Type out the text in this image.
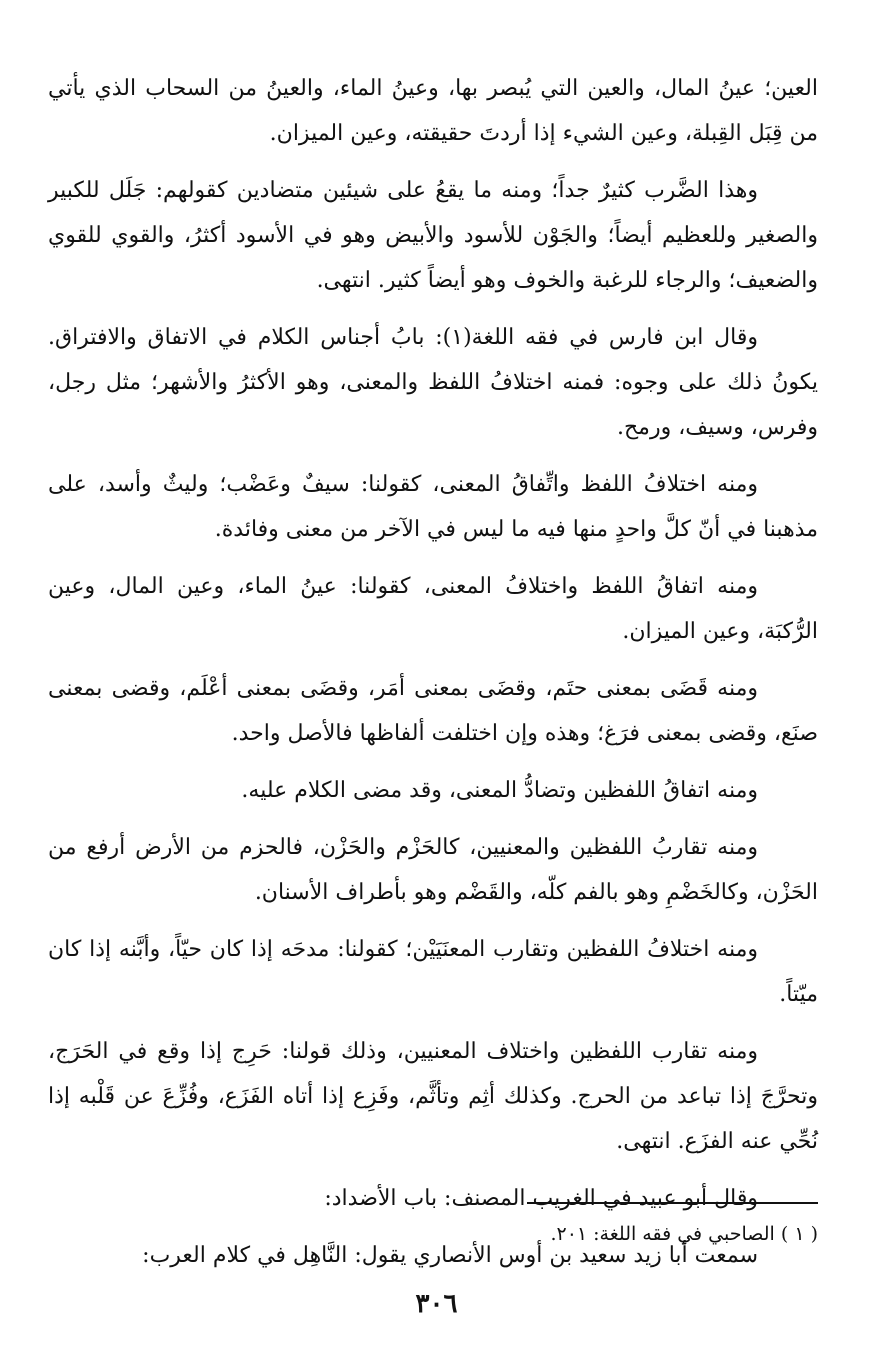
العين؛ عينُ المال، والعين التي يُبصر بها، وعينُ الماء، والعينُ من السحاب الذي يأتي من قِبَل القِبلة، وعين الشيء إذا أردتَ حقيقته، وعين الميزان.

وهذا الضَّرب كثيرٌ جداً؛ ومنه ما يقعُ على شيئين متضادين كقولهم: جَلَل للكبير والصغير وللعظيم أيضاً؛ والجَوْن للأسود والأبيض وهو في الأسود أكثرُ، والقوي للقوي والضعيف؛ والرجاء للرغبة والخوف وهو أيضاً كثير. انتهى.

وقال ابن فارس في فقه اللغة(١): بابُ أجناس الكلام في الاتفاق والافتراق. يكونُ ذلك على وجوه: فمنه اختلافُ اللفظ والمعنى، وهو الأكثرُ والأشهر؛ مثل رجل، وفرس، وسيف، ورمح.

ومنه اختلافُ اللفظ واتِّفاقُ المعنى، كقولنا: سيفٌ وعَضْب؛ وليثٌ وأسد، على مذهبنا في أنّ كلَّ واحدٍ منها فيه ما ليس في الآخر من معنى وفائدة.

ومنه اتفاقُ اللفظ واختلافُ المعنى، كقولنا: عينُ الماء، وعين المال، وعين الرُّكبَة، وعين الميزان.

ومنه قَضَى بمعنى حتَم، وقضَى بمعنى أمَر، وقضَى بمعنى أعْلَم، وقضى بمعنى صنَع، وقضى بمعنى فرَغ؛ وهذه وإن اختلفت ألفاظها فالأصل واحد.

ومنه اتفاقُ اللفظين وتضادُّ المعنى، وقد مضى الكلام عليه.

ومنه تقاربُ اللفظين والمعنيين، كالحَزْم والحَزْن، فالحزم من الأرض أرفع من الحَزْن، وكالخَضْمِ وهو بالفم كلّه، والقَضْم وهو بأطراف الأسنان.

ومنه اختلافُ اللفظين وتقارب المعنَيَيْن؛ كقولنا: مدحَه إذا كان حيّاً، وأبَّنه إذا كان ميّتاً.

ومنه تقارب اللفظين واختلاف المعنيين، وذلك قولنا: حَرِج إذا وقع في الحَرَج، وتحرَّجَ إذا تباعد من الحرج. وكذلك أثِم وتأثَّم، وفَزِع إذا أتاه الفَزَع، وفُزِّعَ عن قَلْبه إذا نُحِّي عنه الفزَع. انتهى.

وقال أبو عبيد في الغريب المصنف: باب الأضداد:

سمعت أبا زيد سعيد بن أوس الأنصاري يقول: النَّاهِل في كلام العرب:

( ١ ) الصاحبي في فقه اللغة: ٢٠١.
٣٠٦
